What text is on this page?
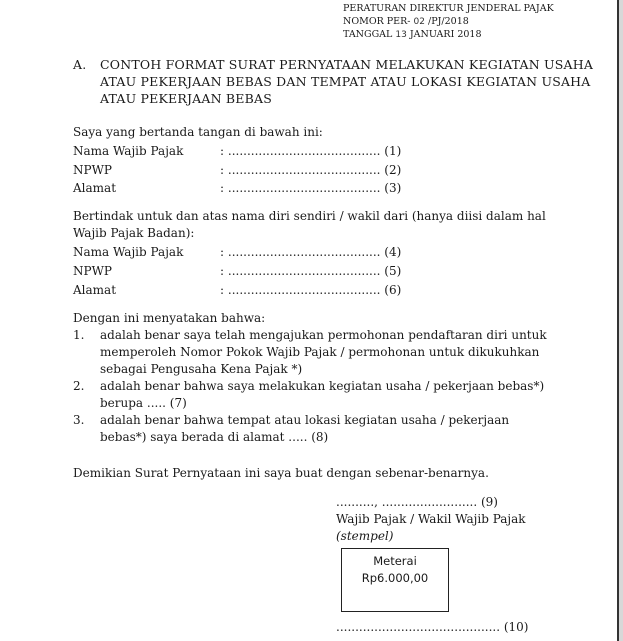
PERATURAN DIREKTUR JENDERAL PAJAK
NOMOR PER- 02 /PJ/2018
TANGGAL 13 JANUARI 2018
A. CONTOH FORMAT SURAT PERNYATAAN MELAKUKAN KEGIATAN USAHA
ATAU PEKERJAAN BEBAS DAN TEMPAT ATAU LOKASI KEGIATAN USAHA
ATAU PEKERJAAN BEBAS
Saya yang bertanda tangan di bawah ini:
Nama Wajib Pajak	: ........................................ (1)
NPWP	: ........................................ (2)
Alamat	: ........................................ (3)
Bertindak untuk dan atas nama diri sendiri / wakil dari (hanya diisi dalam hal
Wajib Pajak Badan):
Nama Wajib Pajak	: ........................................ (4)
NPWP	: ........................................ (5)
Alamat	: ........................................ (6)
Dengan ini menyatakan bahwa:
1. adalah benar saya telah mengajukan permohonan pendaftaran diri untuk
memperoleh Nomor Pokok Wajib Pajak / permohonan untuk dikukuhkan
sebagai Pengusaha Kena Pajak *)
2. adalah benar bahwa saya melakukan kegiatan usaha / pekerjaan bebas*)
berupa ..... (7)
3. adalah benar bahwa tempat atau lokasi kegiatan usaha / pekerjaan
bebas*) saya berada di alamat ..... (8)
Demikian Surat Pernyataan ini saya buat dengan sebenar-benarnya.
.........., ......................... (9)
Wajib Pajak / Wakil Wajib Pajak
(stempel)
Meterai
Rp6.000,00
........................................... (10)
